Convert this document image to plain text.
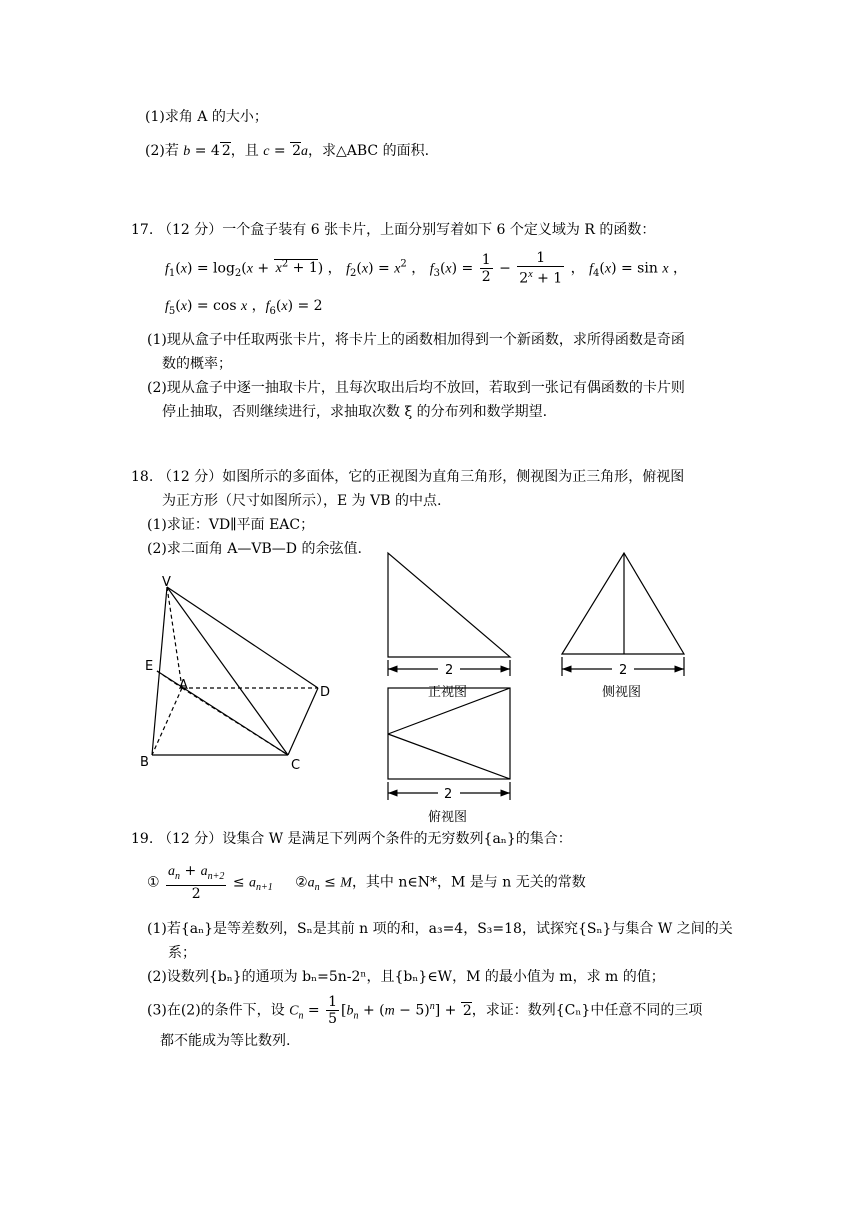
(1)求角 A 的大小；
(2)若 b = 4 2，且 c = 2a，求△ABC 的面积.
17. （12 分）一个盒子装有 6 张卡片，上面分别写着如下 6 个定义域为 R 的函数：
$f_1(x) = \log_2(x + x^2 + 1)$ ， $f_2(x) = x^2$ ， $f_3(x) = \frac{1}{2} - \frac{1}{2^x + 1}$ ， $f_4(x) = \sin x$ ，
$f_5(x) = \cos x$ ，$f_6(x) = 2$
(1)现从盒子中任取两张卡片，将卡片上的函数相加得到一个新函数，求所得函数是奇函
数的概率；
(2)现从盒子中逐一抽取卡片，且每次取出后均不放回，若取到一张记有偶函数的卡片则
停止抽取，否则继续进行，求抽取次数 ξ 的分布列和数学期望.
18. （12 分）如图所示的多面体，它的正视图为直角三角形，侧视图为正三角形，俯视图
为正方形（尺寸如图所示），E 为 VB 的中点.
(1)求证：VD∥平面 EAC；
(2)求二面角 A—VB—D 的余弦值.
V
E
A	D
B	C
2
正视图
2
侧视图
2
俯视图
19. （12 分）设集合 W 是满足下列两个条件的无穷数列{aₙ}的集合：
① $\frac{a_n + a_{n+2}}{2} \le a_{n+1}$ $②a_n \le M$，其中 n∈N*，M 是与 n 无关的常数
(1)若{aₙ}是等差数列，Sₙ是其前 n 项的和，a₃=4，S₃=18，试探究{Sₙ}与集合 W 之间的关
系；
(2)设数列{bₙ}的通项为 bₙ=5n-2ⁿ，且{bₙ}∈W，M 的最小值为 m，求 m 的值；
(3)在(2)的条件下，设 $C_n = \frac{1}{5} [b_n + (m - 5)^n] + 2$，求证：数列{Cₙ}中任意不同的三项
都不能成为等比数列.
